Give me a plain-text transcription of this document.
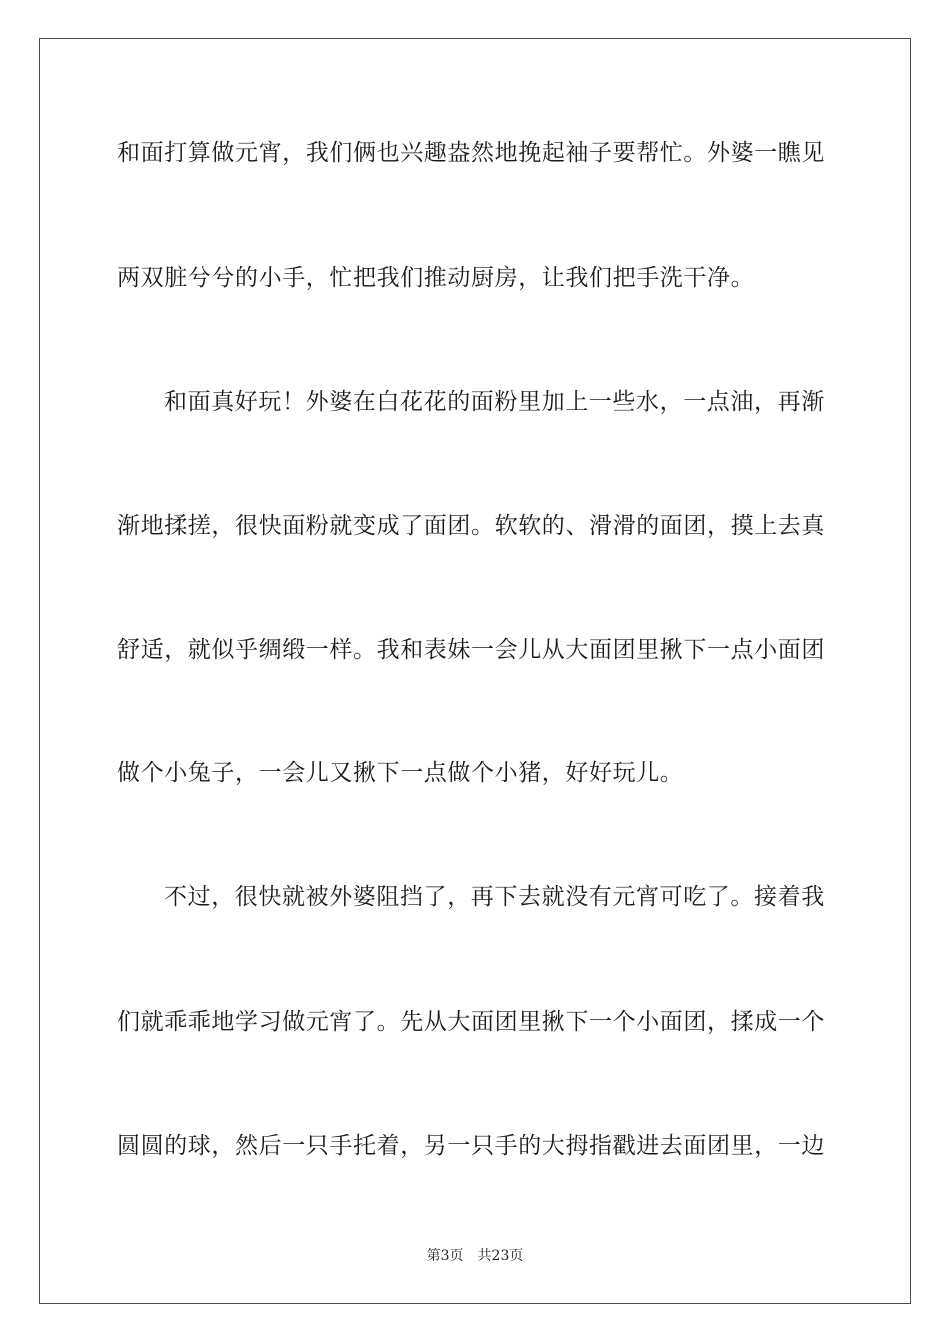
和面打算做元宵，我们俩也兴趣盎然地挽起袖子要帮忙。外婆一瞧见
两双脏兮兮的小手，忙把我们推动厨房，让我们把手洗干净。
和面真好玩！外婆在白花花的面粉里加上一些水，一点油，再渐
渐地揉搓，很快面粉就变成了面团。软软的、滑滑的面团，摸上去真
舒适，就似乎绸缎一样。我和表妹一会儿从大面团里揪下一点小面团
做个小兔子，一会儿又揪下一点做个小猪，好好玩儿。
不过，很快就被外婆阻挡了，再下去就没有元宵可吃了。接着我
们就乖乖地学习做元宵了。先从大面团里揪下一个小面团，揉成一个
圆圆的球，然后一只手托着，另一只手的大拇指戳进去面团里，一边
第3页　共23页
